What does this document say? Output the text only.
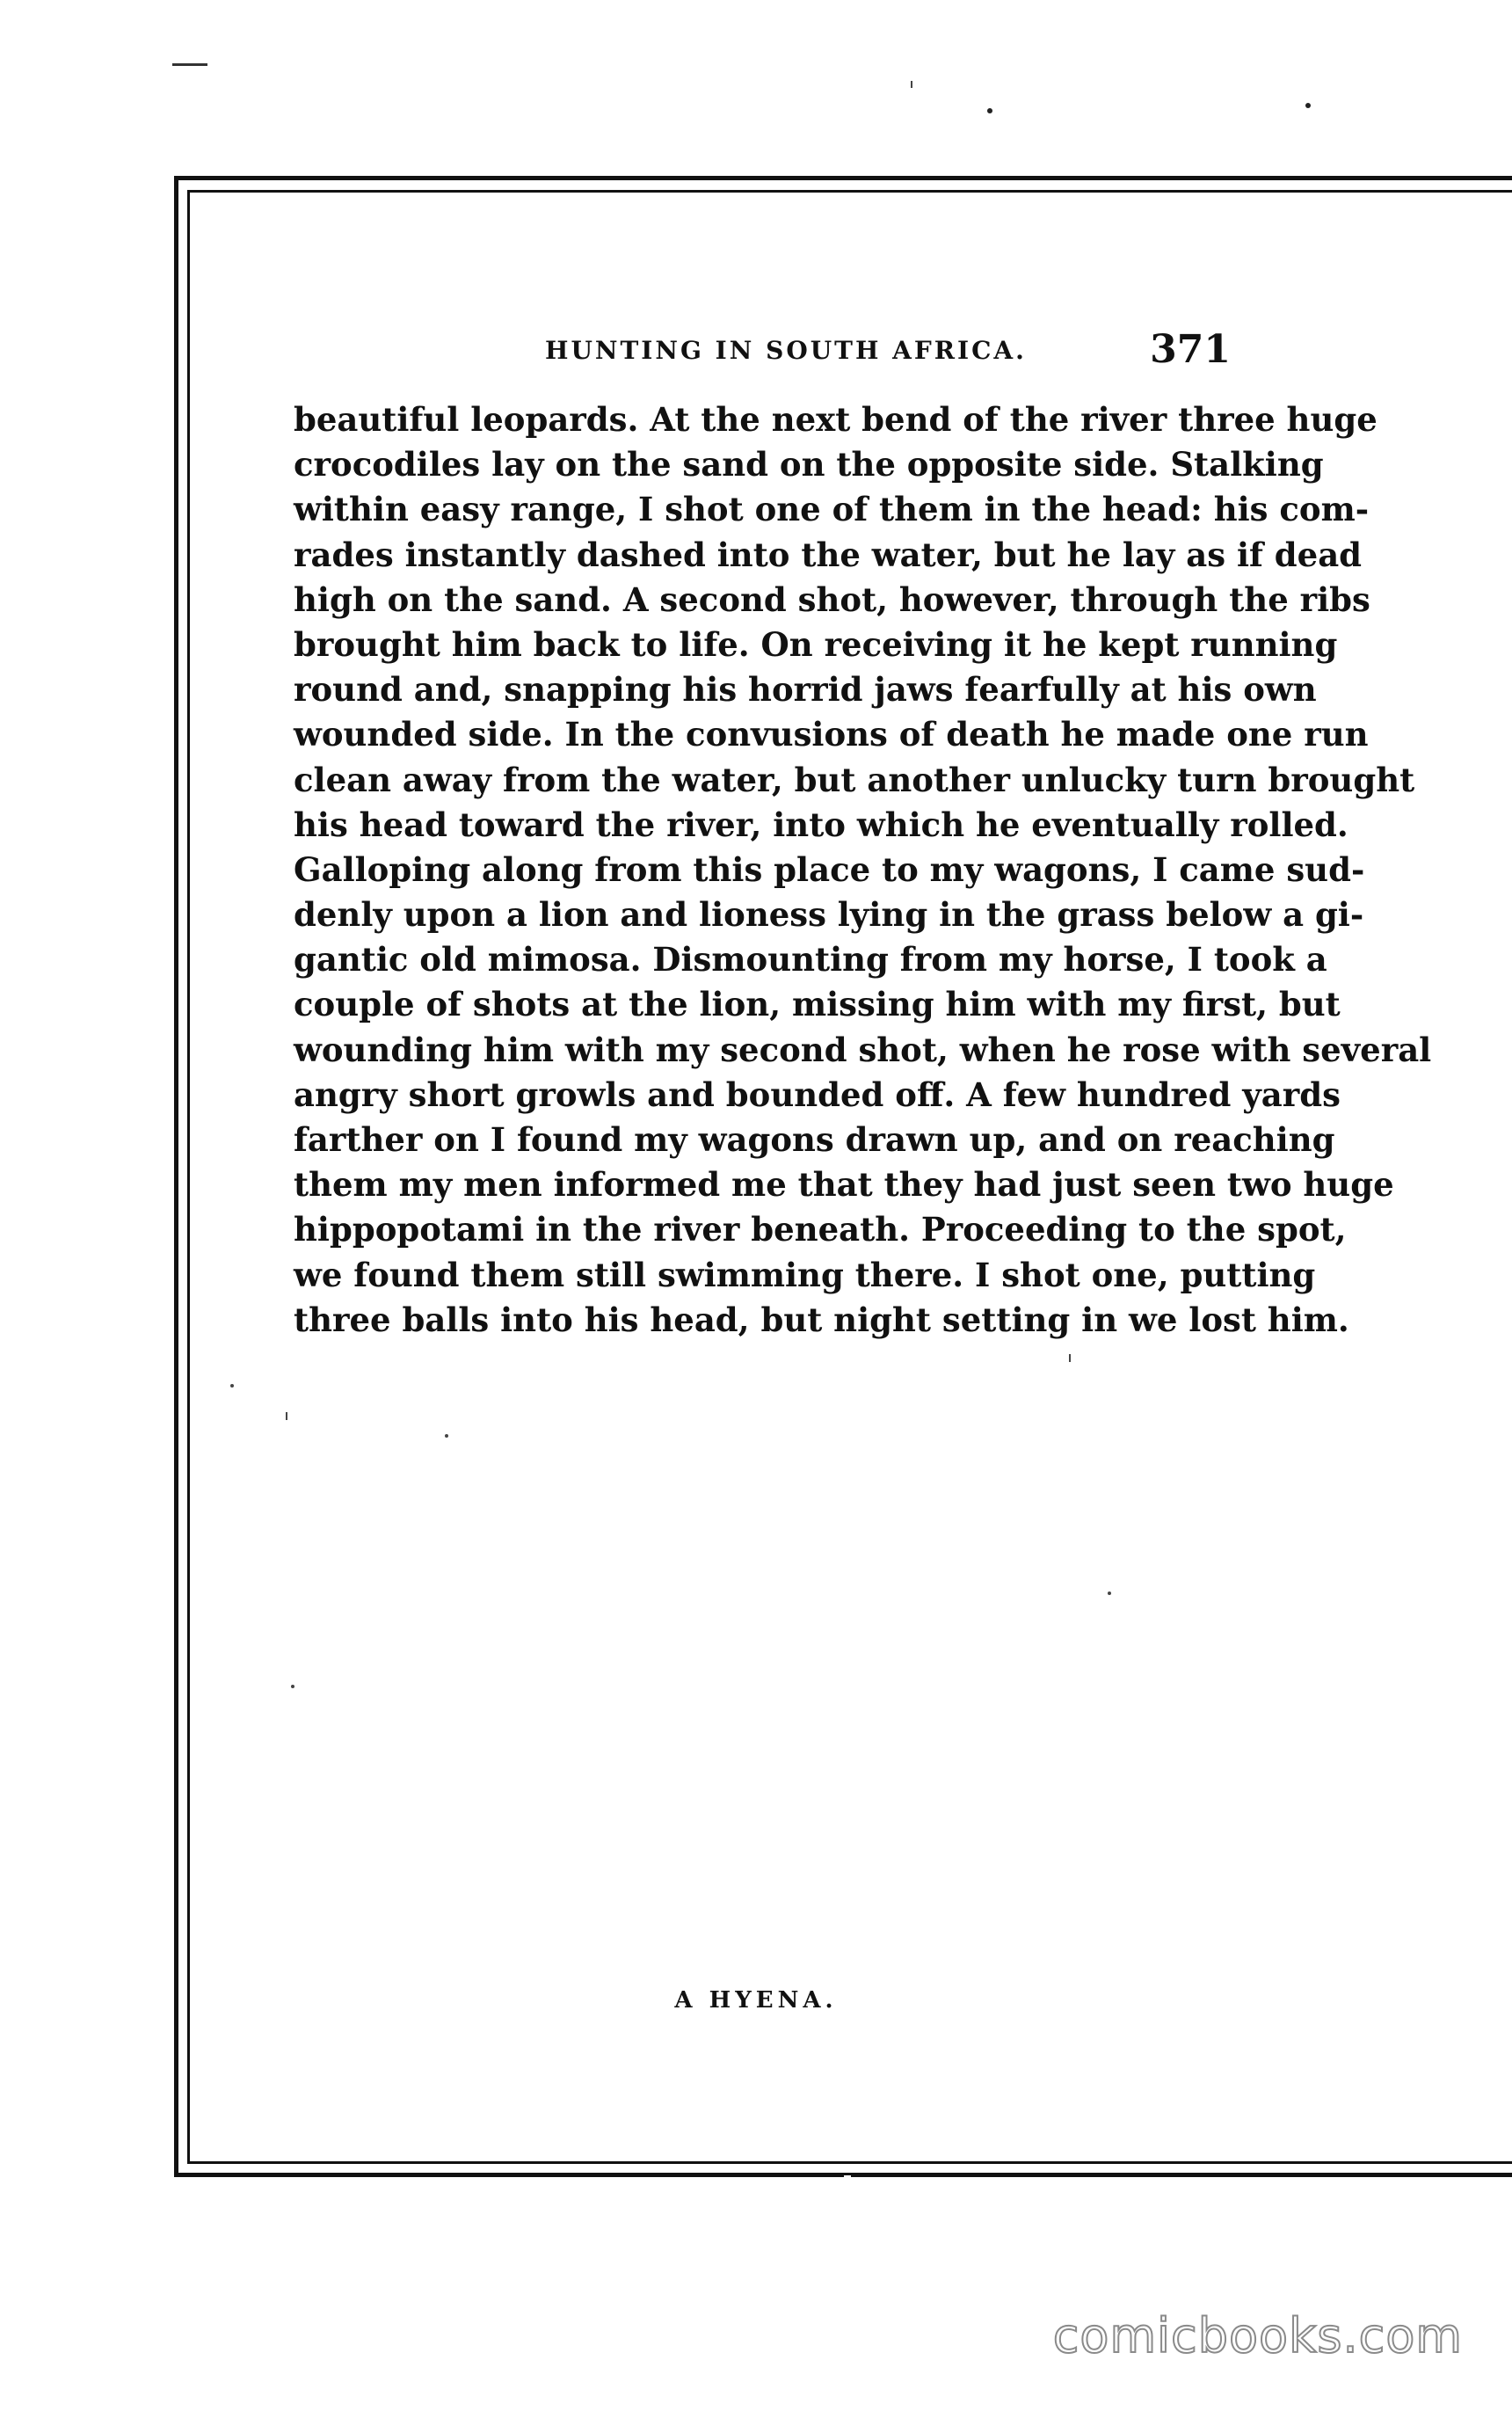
HUNTING IN SOUTH AFRICA.	371
beautiful leopards. At the next bend of the river three huge
crocodiles lay on the sand on the opposite side. Stalking
within easy range, I shot one of them in the head: his com-
rades instantly dashed into the water, but he lay as if dead
high on the sand. A second shot, however, through the ribs
brought him back to life. On receiving it he kept running
round and, snapping his horrid jaws fearfully at his own
wounded side. In the convusions of death he made one run
clean away from the water, but another unlucky turn brought
his head toward the river, into which he eventually rolled.
Galloping along from this place to my wagons, I came sud-
denly upon a lion and lioness lying in the grass below a gi-
gantic old mimosa. Dismounting from my horse, I took a
couple of shots at the lion, missing him with my first, but
wounding him with my second shot, when he rose with several
angry short growls and bounded off. A few hundred yards
farther on I found my wagons drawn up, and on reaching
them my men informed me that they had just seen two huge
hippopotami in the river beneath. Proceeding to the spot,
we found them still swimming there. I shot one, putting
three balls into his head, but night setting in we lost him.
A HYENA.
comicbooks.com
